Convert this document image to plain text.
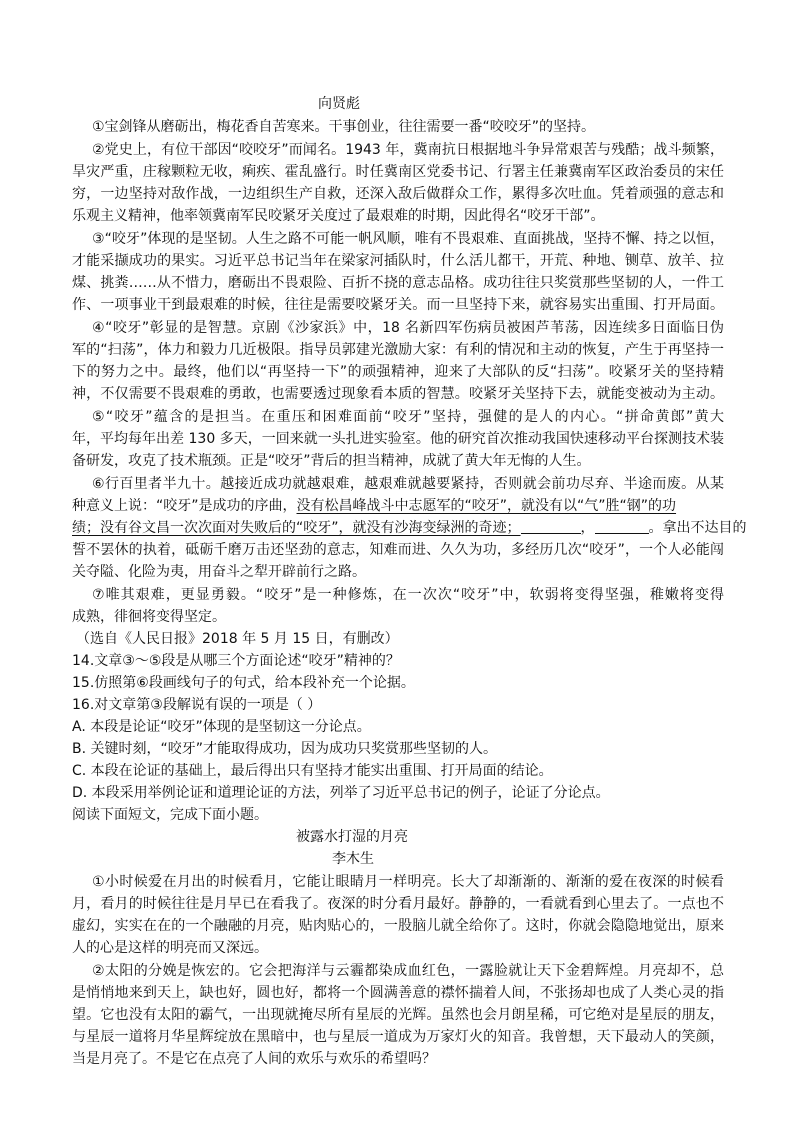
向贤彪
①宝剑锋从磨砺出，梅花香自苦寒来。干事创业，往往需要一番“咬咬牙”的坚持。
②党史上，有位干部因“咬咬牙”而闻名。1943 年，冀南抗日根据地斗争异常艰苦与残酷；战斗频繁，
旱灾严重，庄稼颗粒无收，痢疾、霍乱盛行。时任冀南区党委书记、行署主任兼冀南军区政治委员的宋任
穷，一边坚持对敌作战，一边组织生产自救，还深入敌后做群众工作，累得多次吐血。凭着顽强的意志和
乐观主义精神，他率领冀南军民咬紧牙关度过了最艰难的时期，因此得名“咬牙干部”。
③“咬牙”体现的是坚韧。人生之路不可能一帆风顺，唯有不畏艰难、直面挑战，坚持不懈、持之以恒，
才能采撷成功的果实。习近平总书记当年在梁家河插队时，什么活儿都干，开荒、种地、铡草、放羊、拉
煤、挑粪……从不惜力，磨砺出不畏艰险、百折不挠的意志品格。成功往往只奖赏那些坚韧的人，一件工
作、一项事业干到最艰难的时候，往往是需要咬紧牙关。而一旦坚持下来，就容易实出重围、打开局面。
④“咬牙”彰显的是智慧。京剧《沙家浜》中，18 名新四军伤病员被困芦苇荡，因连续多日面临日伪
军的“扫荡”，体力和毅力几近极限。指导员郭建光激励大家：有利的情况和主动的恢复，产生于再坚持一
下的努力之中。最终，他们以“再坚持一下”的顽强精神，迎来了大部队的反“扫荡”。咬紧牙关的坚持精
神，不仅需要不畏艰难的勇敢，也需要透过现象看本质的智慧。咬紧牙关坚持下去，就能变被动为主动。
⑤“咬牙”蕴含的是担当。在重压和困难面前“咬牙”坚持，强健的是人的内心。“拼命黄郎”黄大
年，平均每年出差 130 多天，一回来就一头扎进实验室。他的研究首次推动我国快速移动平台探测技术装
备研发，攻克了技术瓶颈。正是“咬牙”背后的担当精神，成就了黄大年无悔的人生。
⑥行百里者半九十。越接近成功就越艰难，越艰难就越要紧持，否则就会前功尽弃、半途而废。从某
种意义上说：“咬牙”是成功的序曲，没有松昌峰战斗中志愿军的“咬牙”，就没有以“气”胜“钢”的功
绩；没有谷文昌一次次面对失败后的“咬牙”，就没有沙海变绿洲的奇迹；	，	。拿出不达目的
誓不罢休的执着，砥砺千磨万击还坚劲的意志，知难而进、久久为功，多经历几次“咬牙”，一个人必能闯
关夺隘、化险为夷，用奋斗之犁开辟前行之路。
⑦唯其艰难，更显勇毅。“咬牙”是一种修炼，在一次次“咬牙”中，软弱将变得坚强，稚嫩将变得
成熟，徘徊将变得坚定。
（选自《人民日报》2018 年 5 月 15 日，有删改）
14.文章③～⑤段是从哪三个方面论述“咬牙”精神的？
15.仿照第⑥段画线句子的句式，给本段补充一个论据。
16.对文章第③段解说有误的一项是（ ）
A. 本段是论证“咬牙”体现的是坚韧这一分论点。
B. 关键时刻，“咬牙”才能取得成功，因为成功只奖赏那些坚韧的人。
C. 本段在论证的基础上，最后得出只有坚持才能实出重围、打开局面的结论。
D. 本段采用举例论证和道理论证的方法，列举了习近平总书记的例子，论证了分论点。
阅读下面短文，完成下面小题。
被露水打湿的月亮
李木生
①小时候爱在月出的时候看月，它能让眼睛月一样明亮。长大了却渐渐的、渐渐的爱在夜深的时候看
月，看月的时候往往是月早已在看我了。夜深的时分看月最好。静静的，一看就看到心里去了。一点也不
虚幻，实实在在的一个融融的月亮，贴肉贴心的，一股脑儿就全给你了。这时，你就会隐隐地觉出，原来
人的心是这样的明亮而又深远。
②太阳的分娩是恢宏的。它会把海洋与云霾都染成血红色，一露脸就让天下金碧辉煌。月亮却不，总
是悄悄地来到天上，缺也好，圆也好，都将一个圆满善意的襟怀揣着人间，不张扬却也成了人类心灵的指
望。它也没有太阳的霸气，一出现就掩尽所有星辰的光辉。虽然也会月朗星稀，可它绝对是星辰的朋友，
与星辰一道将月华星辉绽放在黑暗中，也与星辰一道成为万家灯火的知音。我曾想，天下最动人的笑颜，
当是月亮了。不是它在点亮了人间的欢乐与欢乐的希望吗？
